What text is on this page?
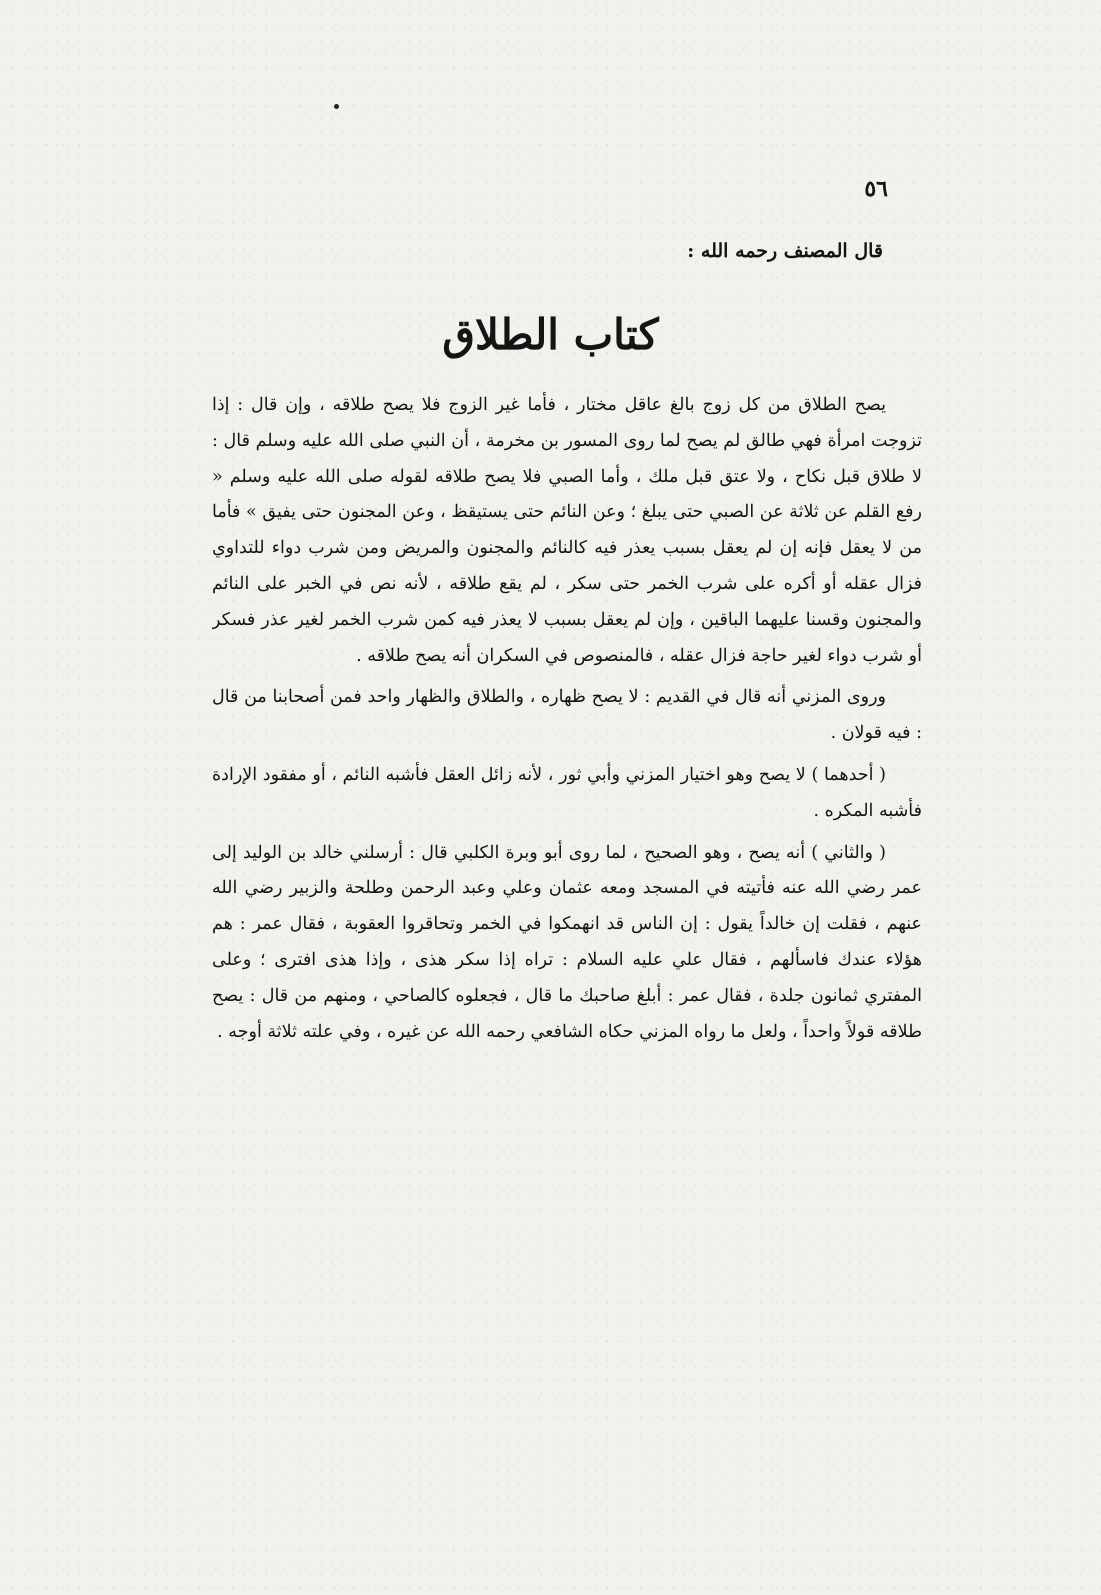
٥٦
قال المصنف رحمه الله :
كتاب الطلاق

يصح الطلاق من كل زوج بالغ عاقل مختار ، فأما غير الزوج فلا يصح طلاقه ، وإن قال : إذا تزوجت امرأة فهي طالق لم يصح لما روى المسور بن مخرمة ، أن النبي صلى الله عليه وسلم قال : لا طلاق قبل نكاح ، ولا عتق قبل ملك ، وأما الصبي فلا يصح طلاقه لقوله صلى الله عليه وسلم « رفع القلم عن ثلاثة عن الصبي حتى يبلغ ؛ وعن النائم حتى يستيقظ ، وعن المجنون حتى يفيق » فأما من لا يعقل فإنه إن لم يعقل بسبب يعذر فيه كالنائم والمجنون والمريض ومن شرب دواء للتداوي فزال عقله أو أكره على شرب الخمر حتى سكر ، لم يقع طلاقه ، لأنه نص في الخبر على النائم والمجنون وقسنا عليهما الباقين ، وإن لم يعقل بسبب لا يعذر فيه كمن شرب الخمر لغير عذر فسكر أو شرب دواء لغير حاجة فزال عقله ، فالمنصوص في السكران أنه يصح طلاقه .

وروى المزني أنه قال في القديم : لا يصح ظهاره ، والطلاق والظهار واحد فمن أصحابنا من قال : فيه قولان .

( أحدهما ) لا يصح وهو اختيار المزني وأبي ثور ، لأنه زائل العقل فأشبه النائم ، أو مفقود الإرادة فأشبه المكره .

( والثاني ) أنه يصح ، وهو الصحيح ، لما روى أبو وبرة الكلبي قال : أرسلني خالد بن الوليد إلى عمر رضي الله عنه فأتيته في المسجد ومعه عثمان وعلي وعبد الرحمن وطلحة والزبير رضي الله عنهم ، فقلت إن خالداً يقول : إن الناس قد انهمكوا في الخمر وتحاقروا العقوبة ، فقال عمر : هم هؤلاء عندك فاسألهم ، فقال علي عليه السلام : تراه إذا سكر هذى ، وإذا هذى افترى ؛ وعلى المفتري ثمانون جلدة ، فقال عمر : أبلغ صاحبك ما قال ، فجعلوه كالصاحي ، ومنهم من قال : يصح طلاقه قولاً واحداً ، ولعل ما رواه المزني حكاه الشافعي رحمه الله عن غيره ، وفي علته ثلاثة أوجه .
